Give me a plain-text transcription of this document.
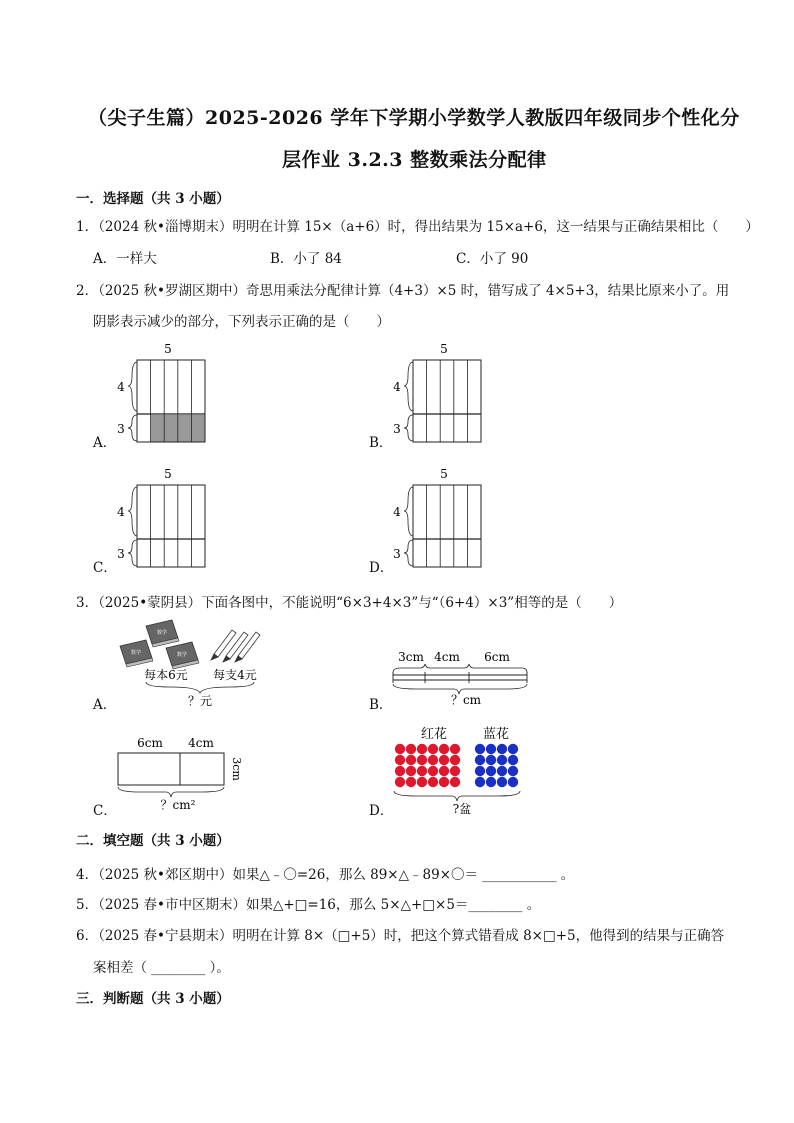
（尖子生篇）2025-2026 学年下学期小学数学人教版四年级同步个性化分
层作业 3.2.3 整数乘法分配律
一．选择题（共 3 小题）
1．（2024 秋•淄博期末）明明在计算 15×（a+6）时，得出结果为 15×a+6，这一结果与正确结果相比（　　）
A．一样大	B．小了 84	C．小了 90
2．（2025 秋•罗湖区期中）奇思用乘法分配律计算（4+3）×5 时，错写成了 4×5+3，结果比原来小了。用
阴影表示减少的部分，下列表示正确的是（　　）
A．	B．
C．	D．
5
4
3
5
4
3
5
4
3
5
4
3
3．（2025•蒙阴县）下面各图中，不能说明“6×3+4×3”与“（6+4）×3”相等的是（　　）
A．	B．
C．	D．
数学
数学
数学
每本6元 每支4元
？元
3cm 4cm 6cm
？cm
6cm 4cm
3cm
？cm²
红花	蓝花
?盆
二．填空题（共 3 小题）
4．（2025 秋•郊区期中）如果△﹣〇=26，那么 89×△﹣89×〇＝ ___________ 。
5．（2025 春•市中区期末）如果△+□=16，那么 5×△+□×5＝________ 。
6．（2025 春•宁县期末）明明在计算 8×（□+5）时，把这个算式错看成 8×□+5，他得到的结果与正确答
案相差（ ________ ）。
三．判断题（共 3 小题）
